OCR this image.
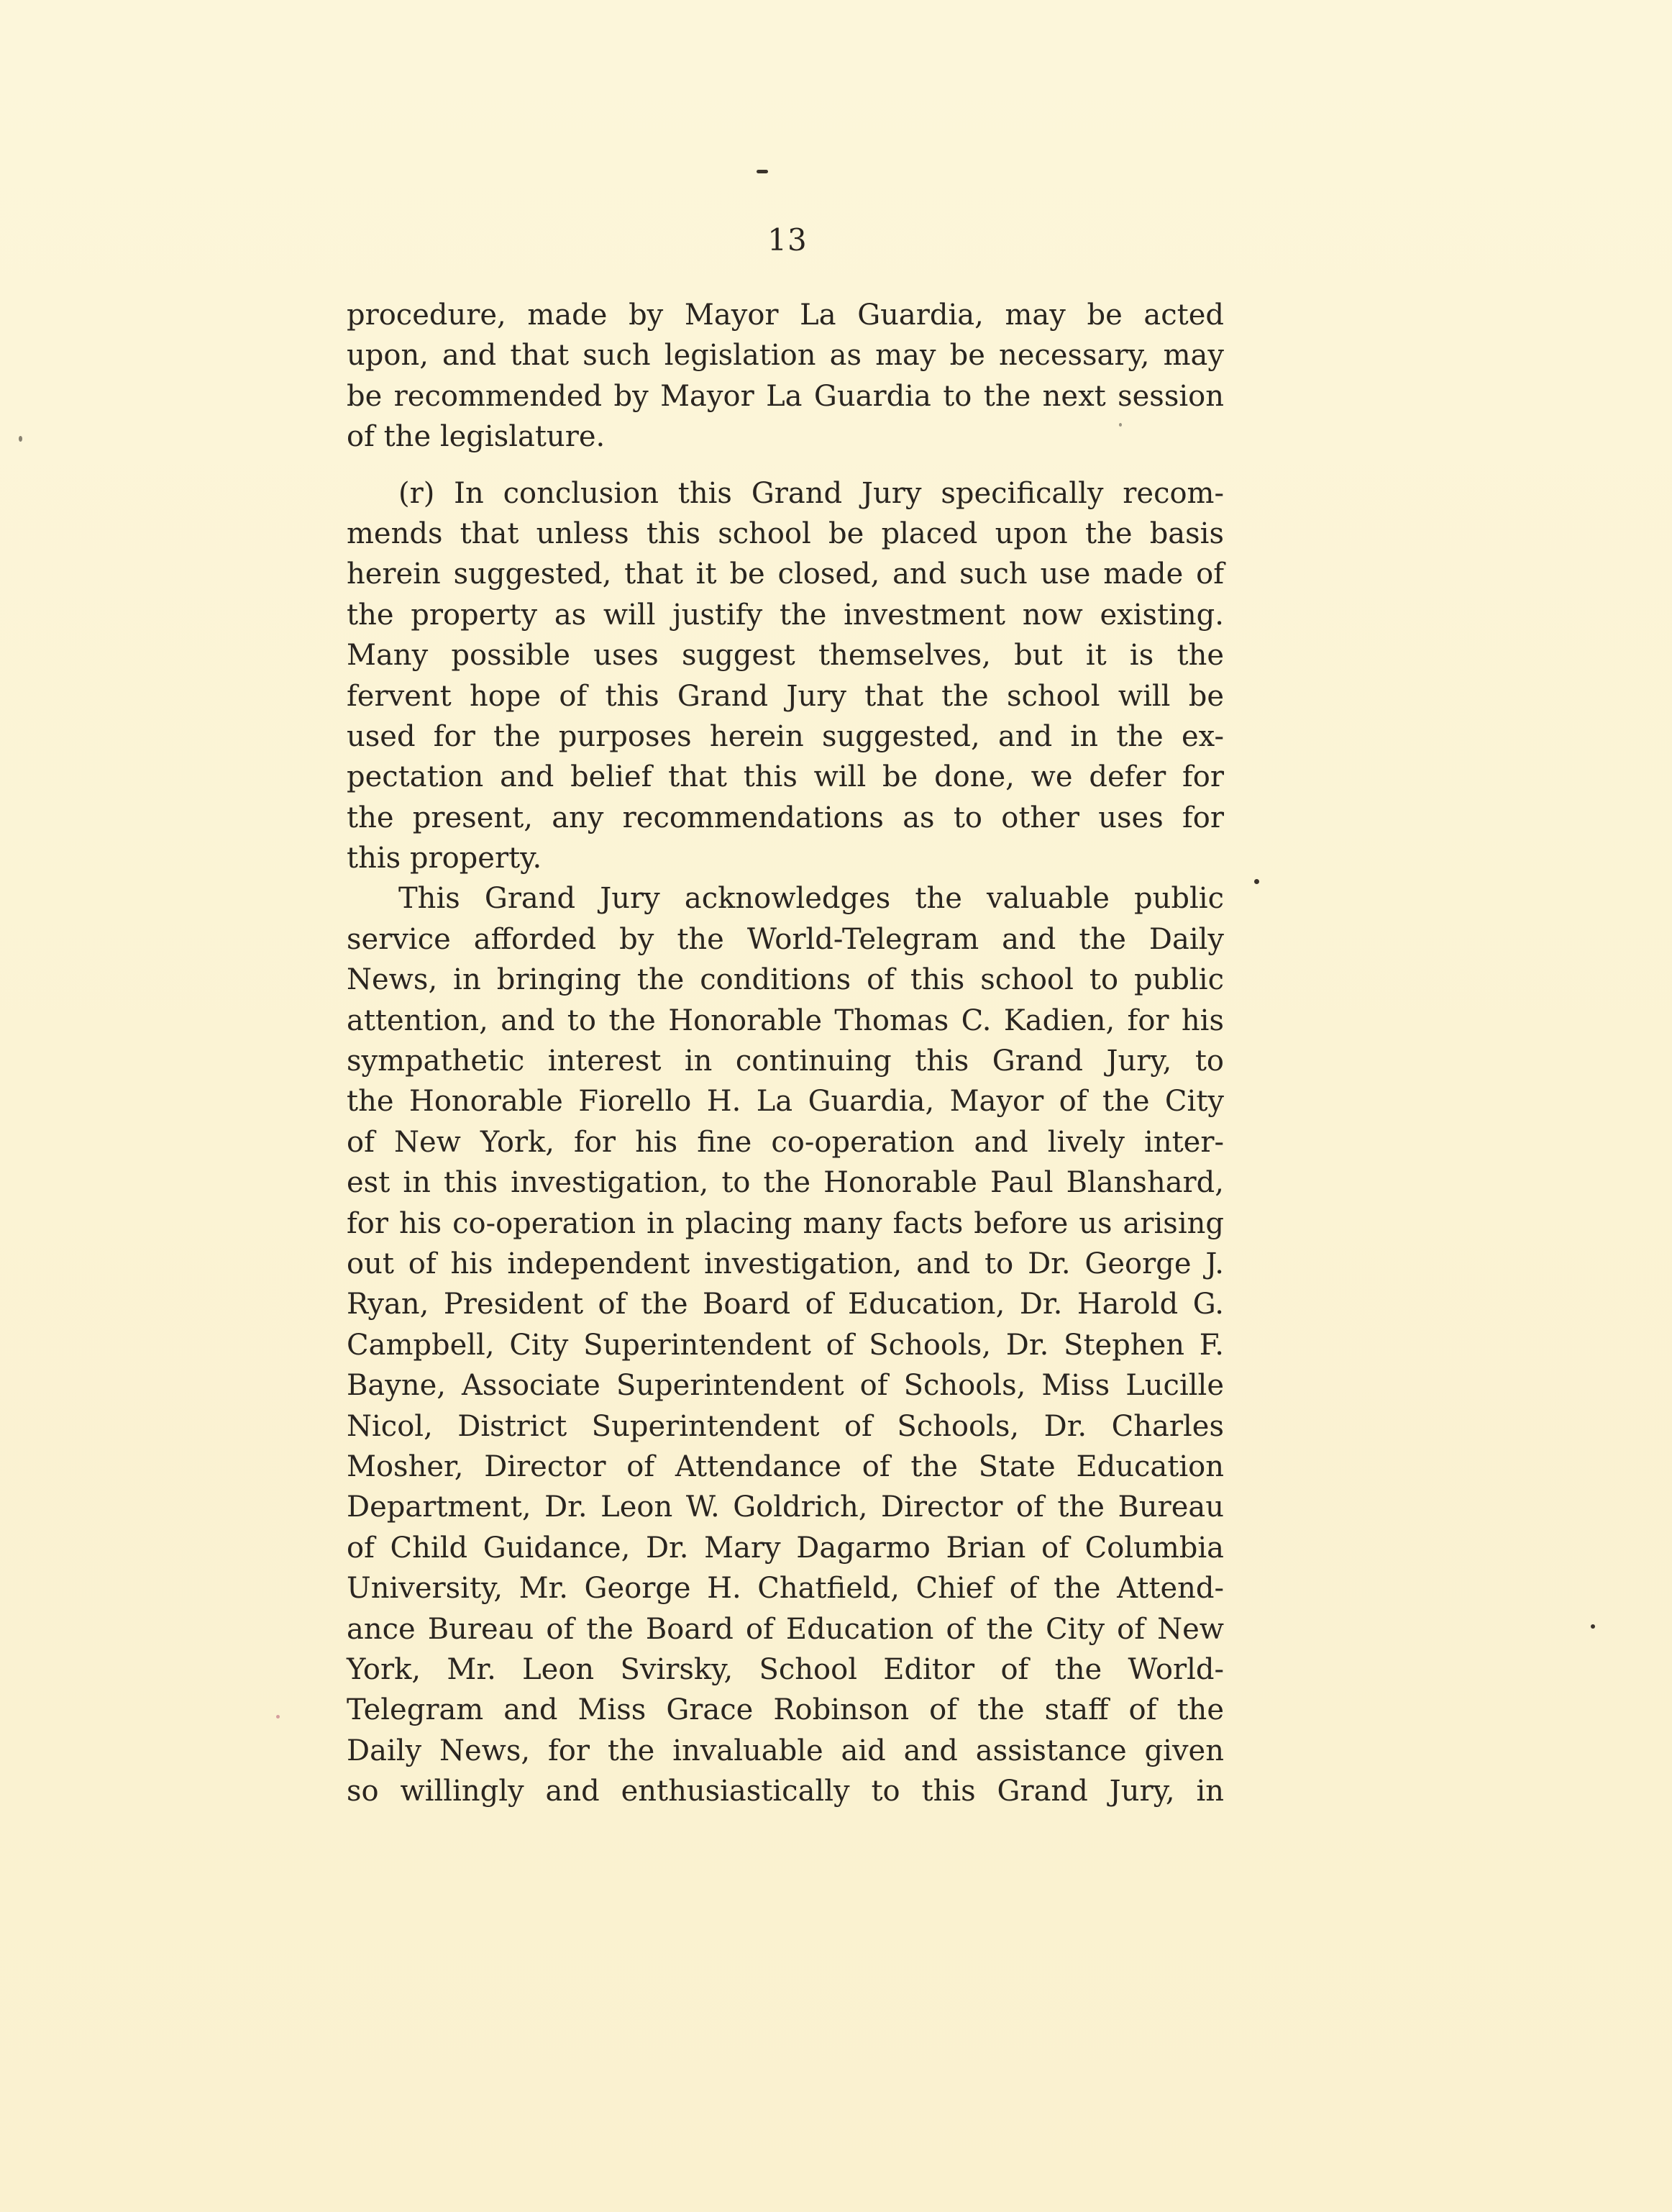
13
procedure, made by Mayor La Guardia, may be acted
upon, and that such legislation as may be necessary, may
be recommended by Mayor La Guardia to the next session
of the legislature.
(r) In conclusion this Grand Jury specifically recom-
mends that unless this school be placed upon the basis
herein suggested, that it be closed, and such use made of
the property as will justify the investment now existing.
Many possible uses suggest themselves, but it is the
fervent hope of this Grand Jury that the school will be
used for the purposes herein suggested, and in the ex-
pectation and belief that this will be done, we defer for
the present, any recommendations as to other uses for
this property.
This Grand Jury acknowledges the valuable public
service afforded by the World-Telegram and the Daily
News, in bringing the conditions of this school to public
attention, and to the Honorable Thomas C. Kadien, for his
sympathetic interest in continuing this Grand Jury, to
the Honorable Fiorello H. La Guardia, Mayor of the City
of New York, for his fine co-operation and lively inter-
est in this investigation, to the Honorable Paul Blanshard,
for his co-operation in placing many facts before us arising
out of his independent investigation, and to Dr. George J.
Ryan, President of the Board of Education, Dr. Harold G.
Campbell, City Superintendent of Schools, Dr. Stephen F.
Bayne, Associate Superintendent of Schools, Miss Lucille
Nicol, District Superintendent of Schools, Dr. Charles
Mosher, Director of Attendance of the State Education
Department, Dr. Leon W. Goldrich, Director of the Bureau
of Child Guidance, Dr. Mary Dagarmo Brian of Columbia
University, Mr. George H. Chatfield, Chief of the Attend-
ance Bureau of the Board of Education of the City of New
York, Mr. Leon Svirsky, School Editor of the World-
Telegram and Miss Grace Robinson of the staff of the
Daily News, for the invaluable aid and assistance given
so willingly and enthusiastically to this Grand Jury, in
